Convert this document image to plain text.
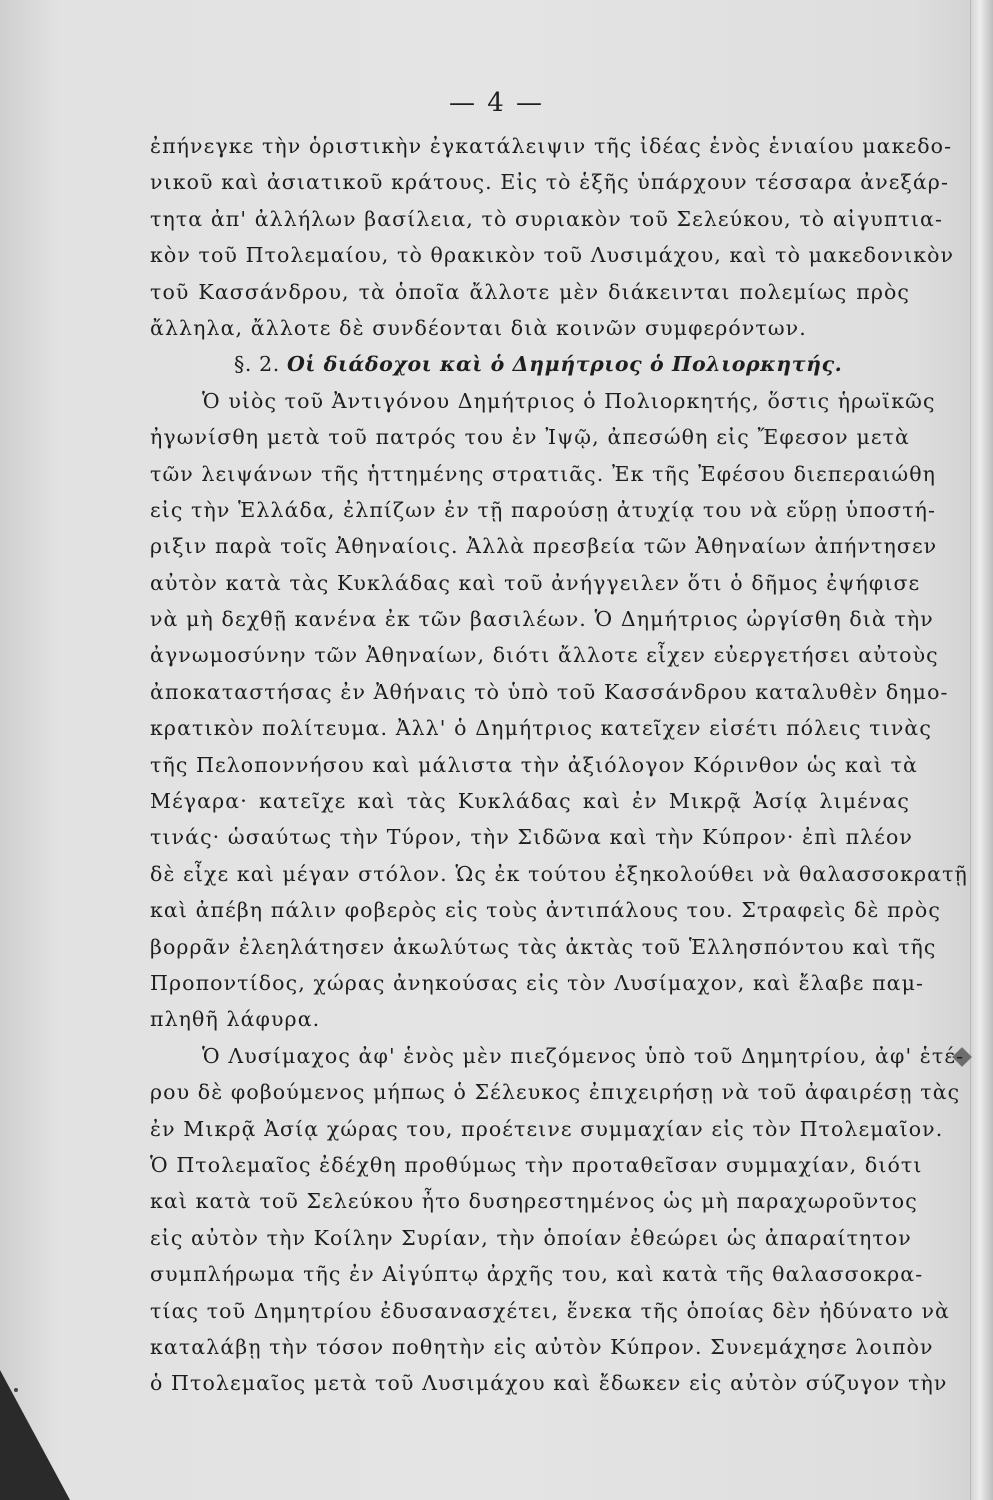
— 4 —
ἐπήνεγκε τὴν ὁριστικὴν ἐγκατάλειψιν τῆς ἰδέας ἑνὸς ἑνιαίου μακεδο-
νικοῦ καὶ ἀσιατικοῦ κράτους. Εἰς τὸ ἑξῆς ὑπάρχουν τέσσαρα ἀνεξάρ-
τητα ἀπ' ἀλλήλων βασίλεια, τὸ συριακὸν τοῦ Σελεύκου, τὸ αἰγυπτια-
κὸν τοῦ Πτολεμαίου, τὸ θρακικὸν τοῦ Λυσιμάχου, καὶ τὸ μακεδονικὸν
τοῦ Κασσάνδρου, τὰ ὁποῖα ἄλλοτε μὲν διάκεινται πολεμίως πρὸς
ἄλληλα, ἄλλοτε δὲ συνδέονται διὰ κοινῶν συμφερόντων.
§. 2. Οἱ διάδοχοι καὶ ὁ Δημήτριος ὁ Πολιορκητής.
Ὁ υἱὸς τοῦ Ἀντιγόνου Δημήτριος ὁ Πολιορκητής, ὅστις ἡρωϊκῶς
ἠγωνίσθη μετὰ τοῦ πατρός του ἐν Ἰψῷ, ἀπεσώθη εἰς Ἔφεσον μετὰ
τῶν λειψάνων τῆς ἡττημένης στρατιᾶς. Ἐκ τῆς Ἐφέσου διεπεραιώθη
εἰς τὴν Ἑλλάδα, ἐλπίζων ἐν τῇ παρούσῃ ἀτυχίᾳ του νὰ εὕρῃ ὑποστή-
ριξιν παρὰ τοῖς Ἀθηναίοις. Ἀλλὰ πρεσβεία τῶν Ἀθηναίων ἀπήντησεν
αὐτὸν κατὰ τὰς Κυκλάδας καὶ τοῦ ἀνήγγειλεν ὅτι ὁ δῆμος ἐψήφισε
νὰ μὴ δεχθῇ κανένα ἐκ τῶν βασιλέων. Ὁ Δημήτριος ὠργίσθη διὰ τὴν
ἀγνωμοσύνην τῶν Ἀθηναίων, διότι ἄλλοτε εἶχεν εὐεργετήσει αὐτοὺς
ἀποκαταστήσας ἐν Ἀθήναις τὸ ὑπὸ τοῦ Κασσάνδρου καταλυθὲν δημο-
κρατικὸν πολίτευμα. Ἀλλ' ὁ Δημήτριος κατεῖχεν εἰσέτι πόλεις τινὰς
τῆς Πελοποννήσου καὶ μάλιστα τὴν ἀξιόλογον Κόρινθον ὡς καὶ τὰ
Μέγαρα· κατεῖχε καὶ τὰς Κυκλάδας καὶ ἐν Μικρᾷ Ἀσίᾳ λιμένας
τινάς· ὡσαύτως τὴν Τύρον, τὴν Σιδῶνα καὶ τὴν Κύπρον· ἐπὶ πλέον
δὲ εἶχε καὶ μέγαν στόλον. Ὡς ἐκ τούτου ἐξηκολούθει νὰ θαλασσοκρατῇ
καὶ ἀπέβη πάλιν φοβερὸς εἰς τοὺς ἀντιπάλους του. Στραφεὶς δὲ πρὸς
βορρᾶν ἐλεηλάτησεν ἀκωλύτως τὰς ἀκτὰς τοῦ Ἑλλησπόντου καὶ τῆς
Προποντίδος, χώρας ἀνηκούσας εἰς τὸν Λυσίμαχον, καὶ ἔλαβε παμ-
πληθῆ λάφυρα.
Ὁ Λυσίμαχος ἀφ' ἑνὸς μὲν πιεζόμενος ὑπὸ τοῦ Δημητρίου, ἀφ' ἑτέ-
ρου δὲ φοβούμενος μήπως ὁ Σέλευκος ἐπιχειρήσῃ νὰ τοῦ ἀφαιρέσῃ τὰς
ἐν Μικρᾷ Ἀσίᾳ χώρας του, προέτεινε συμμαχίαν εἰς τὸν Πτολεμαῖον.
Ὁ Πτολεμαῖος ἐδέχθη προθύμως τὴν προταθεῖσαν συμμαχίαν, διότι
καὶ κατὰ τοῦ Σελεύκου ἦτο δυσηρεστημένος ὡς μὴ παραχωροῦντος
εἰς αὐτὸν τὴν Κοίλην Συρίαν, τὴν ὁποίαν ἐθεώρει ὡς ἀπαραίτητον
συμπλήρωμα τῆς ἐν Αἰγύπτῳ ἀρχῆς του, καὶ κατὰ τῆς θαλασσοκρα-
τίας τοῦ Δημητρίου ἐδυσανασχέτει, ἕνεκα τῆς ὁποίας δὲν ἠδύνατο νὰ
καταλάβῃ τὴν τόσον ποθητὴν εἰς αὐτὸν Κύπρον. Συνεμάχησε λοιπὸν
ὁ Πτολεμαῖος μετὰ τοῦ Λυσιμάχου καὶ ἔδωκεν εἰς αὐτὸν σύζυγον τὴν
